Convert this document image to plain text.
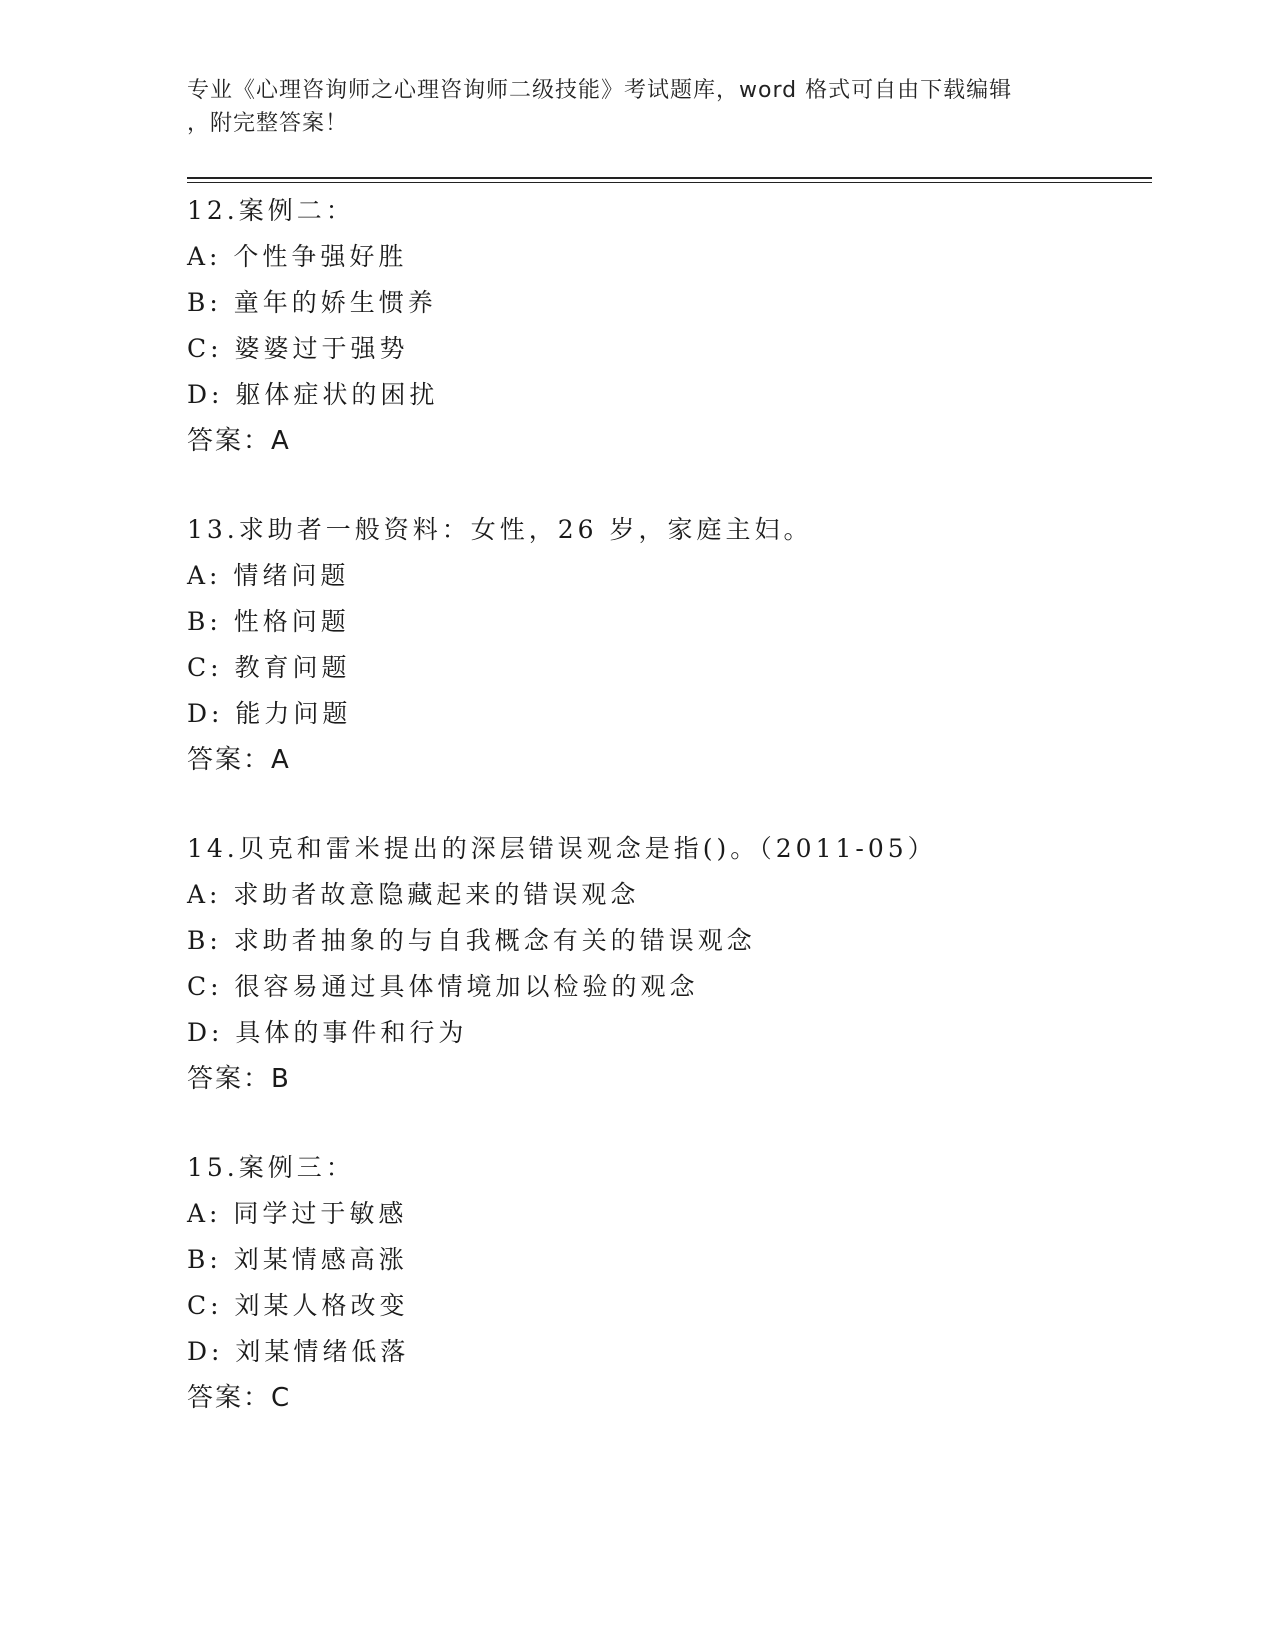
专业《心理咨询师之心理咨询师二级技能》考试题库，word 格式可自由下载编辑
，附完整答案！
12.案例二：
A: 个性争强好胜
B: 童年的娇生惯养
C: 婆婆过于强势
D: 躯体症状的困扰
答案：A
13.求助者一般资料：女性，26 岁，家庭主妇。
A: 情绪问题
B: 性格问题
C: 教育问题
D: 能力问题
答案：A
14.贝克和雷米提出的深层错误观念是指()。（2011-05）
A: 求助者故意隐藏起来的错误观念
B: 求助者抽象的与自我概念有关的错误观念
C: 很容易通过具体情境加以检验的观念
D: 具体的事件和行为
答案：B
15.案例三：
A: 同学过于敏感
B: 刘某情感高涨
C: 刘某人格改变
D: 刘某情绪低落
答案：C
